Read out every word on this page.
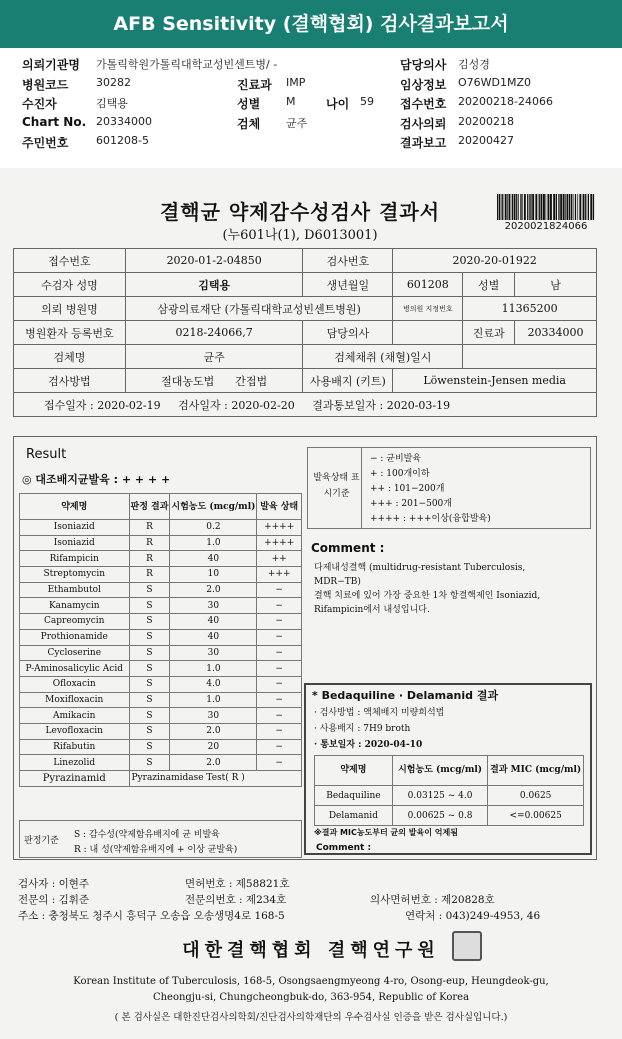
AFB Sensitivity (결핵협회) 검사결과보고서
의뢰기관명 가톨릭학원가톨릭대학교성빈센트병/ -	담당의사 김성경
병원코드	30282	진료과 IMP	임상정보 O76WD1MZ0
수진자	김택용	성별 M	나이 59 접수번호 20200218-24066
Chart No. 20334000	검체 균주	검사의뢰 20200218
주민번호	601208-5	결과보고 20200427
결핵균 약제감수성검사 결과서
(누601나(1), D6013001)
2020021824066
접수번호	2020-01-2-04850	검사번호	2020-20-01922		
수검자 성명	김택용	생년월일	601208	성별	남
의뢰 병원명	삼광의료재단 (가톨릭대학교성빈센트병원)		병의원 지정번호	11365200	
병원환자 등록번호	0218-24066,7	담당의사		진료과	20334000
검체명	균주	검체채취 (채혈)일시			
검사방법	절대농도법 간접법	사용배지 (키트)	Löwenstein-Jensen media		
접수일자 : 2020-02-19 검사일자 : 2020-02-20 결과통보일자 : 2020-03-19					
Result
◎ 대조배지균발육 : + + + +
약제명	판정 결과	시험농도 (mcg/ml)	발육 상태
Isoniazid	R	0.2	++++
Isoniazid	R	1.0	++++
Rifampicin	R	40	++
Streptomycin	R	10	+++
Ethambutol	S	2.0	−
Kanamycin	S	30	−
Capreomycin	S	40	−
Prothionamide	S	40	−
Cycloserine	S	30	−
P-Aminosalicylic Acid	S	1.0	−
Ofloxacin	S	4.0	−
Moxifloxacin	S	1.0	−
Amikacin	S	30	−
Levofloxacin	S	2.0	−
Rifabutin	S	20	−
Linezolid	S	2.0	−
Pyrazinamid	Pyrazinamidase Test( R )		
판정기준
S : 감수성(약제함유배지에 균 비발육
R : 내 성(약제함유배지에 + 이상 균발육)
발육상태 표시기준
− : 균비발육
+ : 100개이하
++ : 101−200개
+++ : 201−500개
++++ : +++이상(융합발육)
Comment :
다제내성결핵 (multidrug-resistant Tuberculosis,
MDR−TB)
결핵 치료에 있어 가장 중요한 1차 항결핵제인 Isoniazid,
Rifampicin에서 내성입니다.
* Bedaquiline · Delamanid 결과
· 검사방법 : 액체배지 미량희석법
· 사용배지 : 7H9 broth
· 통보일자 : 2020-04-10
약제명	시험농도 (mcg/ml)	결과 MIC (mcg/ml)
Bedaquiline	0.03125 ~ 4.0	0.0625
Delamanid	0.00625 ~ 0.8	<=0.00625
※결과 MIC농도부터 균의 발육이 억제됨
Comment :
검사자 : 이현주	면허번호 : 제58821호
전문의 : 김휘준	전문의번호 : 제234호	의사면허번호 : 제20828호
주소 : 충청북도 청주시 흥덕구 오송읍 오송생명4로 168-5	연락처 : 043)249-4953, 46
대한결핵협회 결핵연구원
Korean Institute of Tuberculosis, 168-5, Osongsaengmyeong 4-ro, Osong-eup, Heungdeok-gu,
Cheongju-si, Chungcheongbuk-do, 363-954, Republic of Korea
( 본 검사실은 대한진단검사의학회/진단검사의학재단의 우수검사실 인증을 받은 검사실입니다.)
